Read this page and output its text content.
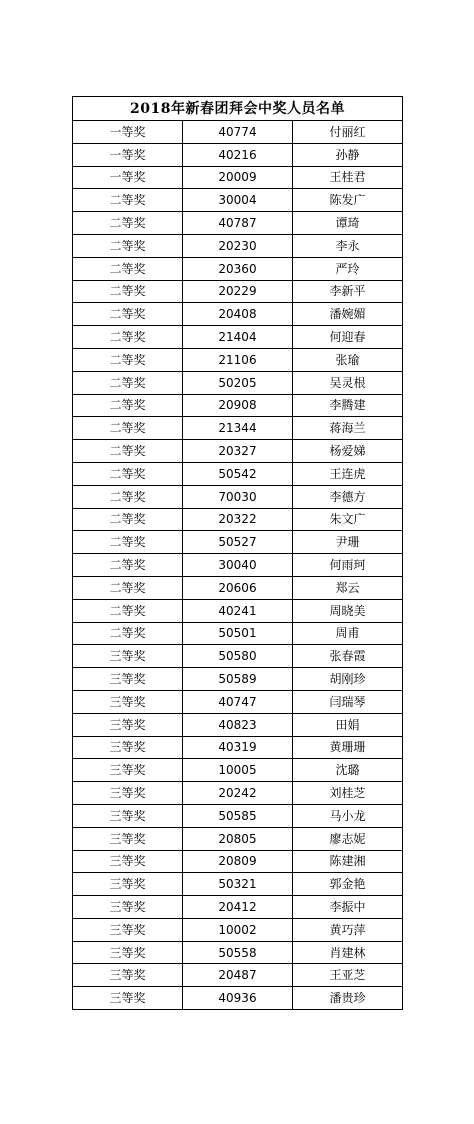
2018年新春团拜会中奖人员名单		
一等奖	40774	付丽红
一等奖	40216	孙静
一等奖	20009	王桂君
二等奖	30004	陈发广
二等奖	40787	谭琦
二等奖	20230	李永
二等奖	20360	严玲
二等奖	20229	李新平
二等奖	20408	潘婉媚
二等奖	21404	何迎春
二等奖	21106	张瑜
二等奖	50205	吴灵根
二等奖	20908	李腾建
二等奖	21344	蒋海兰
二等奖	20327	杨爱娣
二等奖	50542	王连虎
二等奖	70030	李德方
二等奖	20322	朱文广
二等奖	50527	尹珊
二等奖	30040	何雨珂
二等奖	20606	郑云
二等奖	40241	周晓美
二等奖	50501	周甫
三等奖	50580	张春霞
三等奖	50589	胡刚珍
三等奖	40747	闫瑞琴
三等奖	40823	田娟
三等奖	40319	黄珊珊
三等奖	10005	沈璐
三等奖	20242	刘桂芝
三等奖	50585	马小龙
三等奖	20805	廖志妮
三等奖	20809	陈建湘
三等奖	50321	郭金艳
三等奖	20412	李振中
三等奖	10002	黄巧萍
三等奖	50558	肖建林
三等奖	20487	王亚芝
三等奖	40936	潘贵珍
